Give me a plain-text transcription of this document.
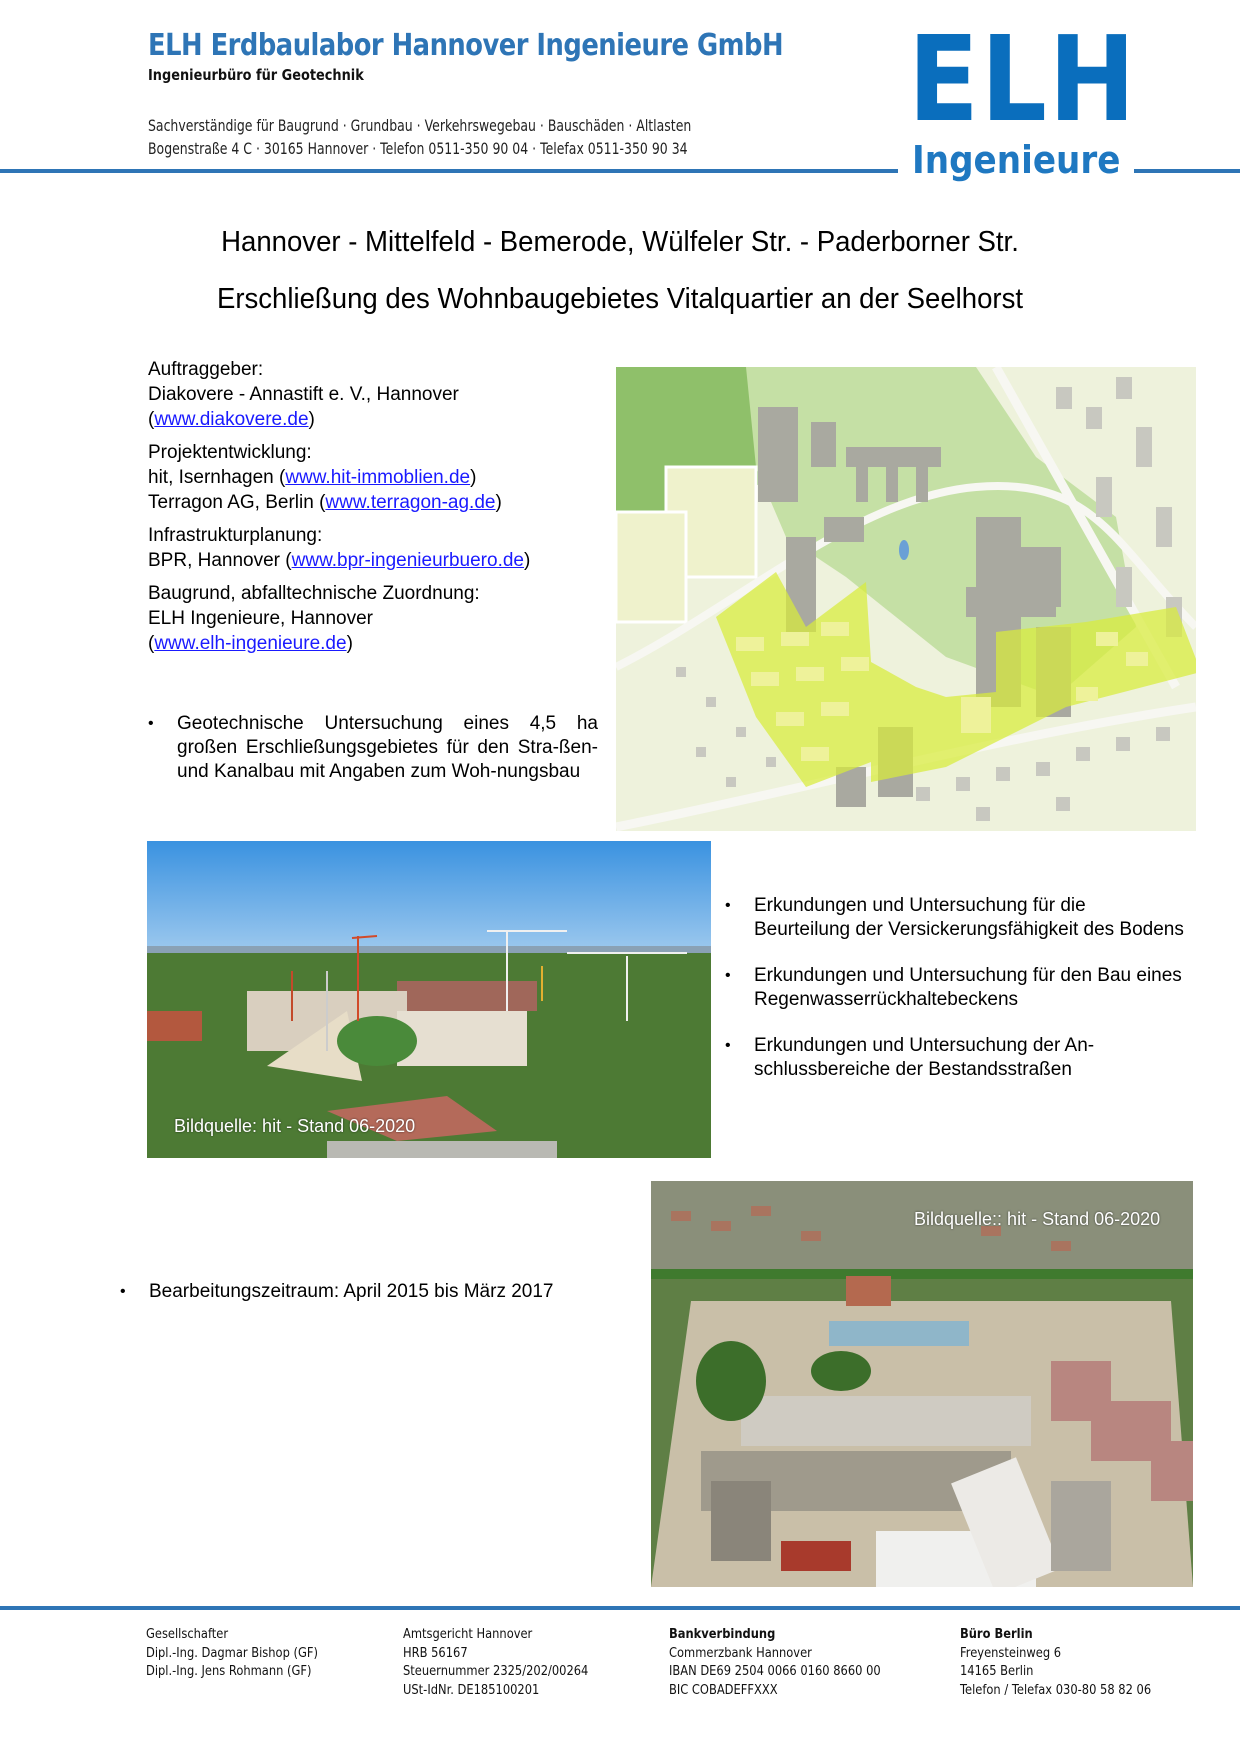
ELH Erdbaulabor Hannover Ingenieure GmbH
Ingenieurbüro für Geotechnik
Sachverständige für Baugrund · Grundbau · Verkehrswegebau · Bauschäden · Altlasten
Bogenstraße 4 C · 30165 Hannover · Telefon 0511-350 90 04 · Telefax 0511-350 90 34
ELH
Ingenieure
Hannover - Mittelfeld - Bemerode, Wülfeler Str. - Paderborner Str.
Erschließung des Wohnbaugebietes Vitalquartier an der Seelhorst
Auftraggeber:
Diakovere - Annastift e. V., Hannover
(www.diakovere.de)
Projektentwicklung:
hit, Isernhagen (www.hit-immoblien.de)
Terragon AG, Berlin (www.terragon-ag.de)
Infrastrukturplanung:
BPR, Hannover (www.bpr-ingenieurbuero.de)
Baugrund, abfalltechnische Zuordnung:
ELH Ingenieure, Hannover
(www.elh-ingenieure.de)
• Geotechnische Untersuchung eines 4,5 ha großen Erschließungsgebietes für den Stra-ßen- und Kanalbau mit Angaben zum Woh-nungsbau
Bildquelle: hit - Stand 06-2020
• Erkundungen und Untersuchung für die Beurteilung der Versickerungsfähigkeit des Bodens
• Erkundungen und Untersuchung für den Bau eines Regenwasserrückhaltebeckens
• Erkundungen und Untersuchung der An-schlussbereiche der Bestandsstraßen
• Bearbeitungszeitraum: April 2015 bis März 2017
Bildquelle:: hit - Stand 06-2020
Gesellschafter
Dipl.-Ing. Dagmar Bishop (GF)
Dipl.-Ing. Jens Rohmann (GF)
Amtsgericht Hannover
HRB 56167
Steuernummer 2325/202/00264
USt-IdNr. DE185100201
Bankverbindung
Commerzbank Hannover
IBAN DE69 2504 0066 0160 8660 00
BIC COBADEFFXXX
Büro Berlin
Freyensteinweg 6
14165 Berlin
Telefon / Telefax 030-80 58 82 06
